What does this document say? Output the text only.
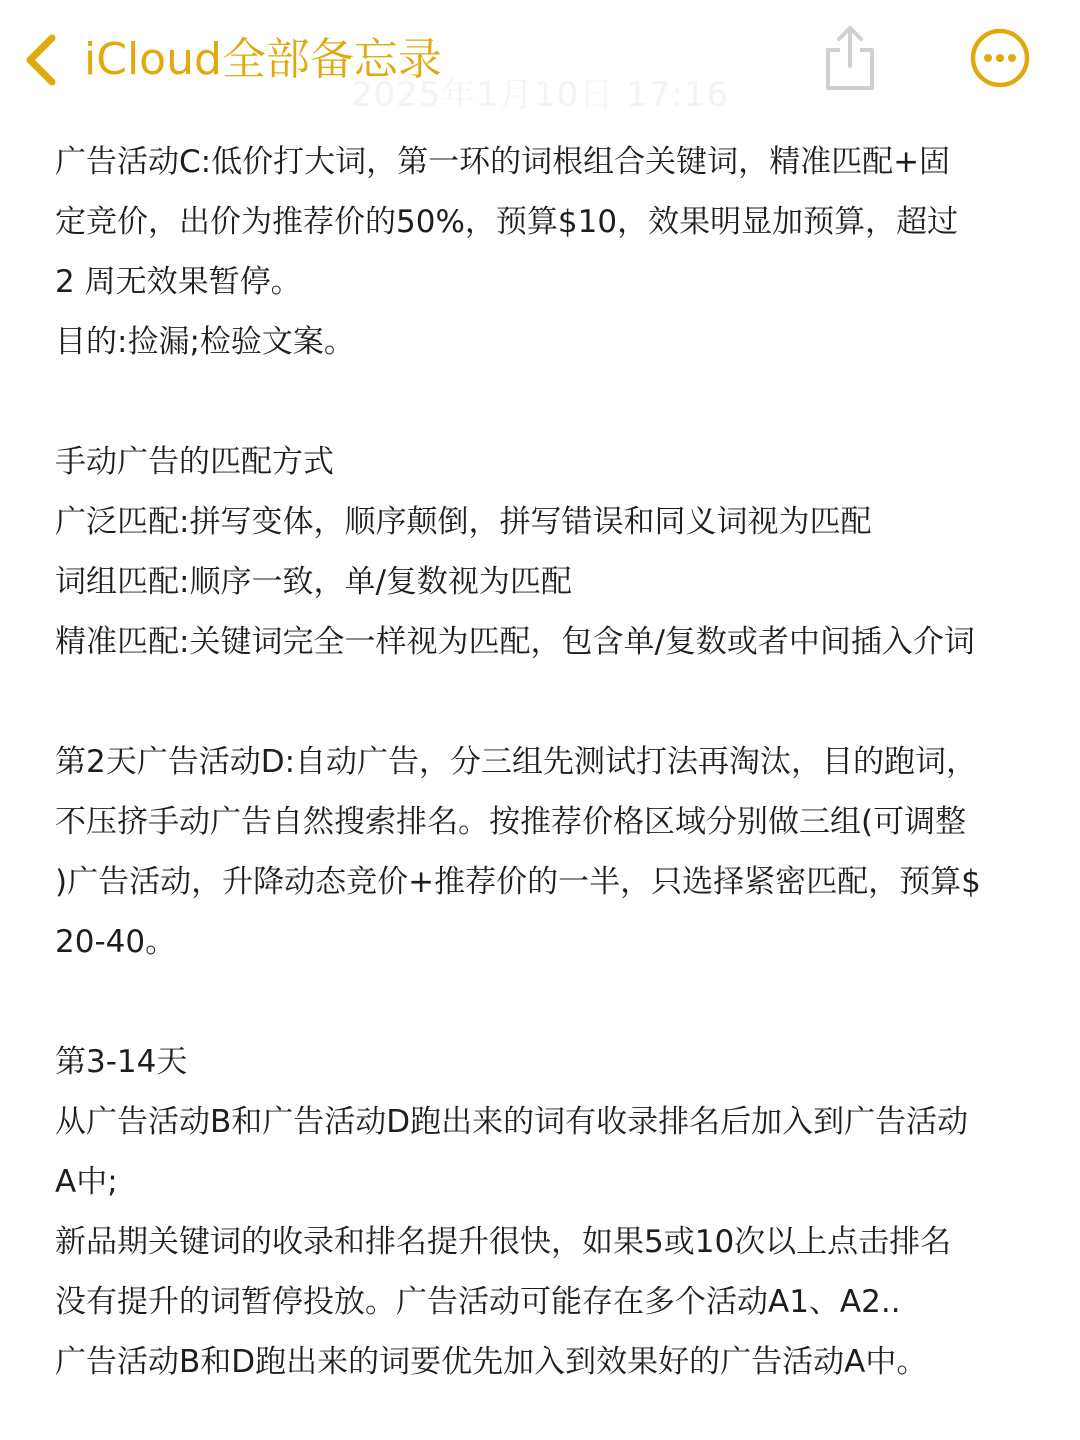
2025年1月10日 17:16
iCloud全部备忘录
广告活动C:低价打大词，第一环的词根组合关键词，精准匹配+固
定竞价，出价为推荐价的50%，预算$10，效果明显加预算，超过
2 周无效果暂停。
目的:捡漏;检验文案。
手动广告的匹配方式
广泛匹配:拼写变体，顺序颠倒，拼写错误和同义词视为匹配
词组匹配:顺序一致，单/复数视为匹配
精准匹配:关键词完全一样视为匹配，包含单/复数或者中间插入介词
第2天广告活动D:自动广告，分三组先测试打法再淘汰，目的跑词，
不压挤手动广告自然搜索排名。按推荐价格区域分别做三组(可调整
)广告活动，升降动态竞价+推荐价的一半，只选择紧密匹配，预算$
20-40。
第3-14天
从广告活动B和广告活动D跑出来的词有收录排名后加入到广告活动
A中;
新品期关键词的收录和排名提升很快，如果5或10次以上点击排名
没有提升的词暂停投放。广告活动可能存在多个活动A1、A2..
广告活动B和D跑出来的词要优先加入到效果好的广告活动A中。
